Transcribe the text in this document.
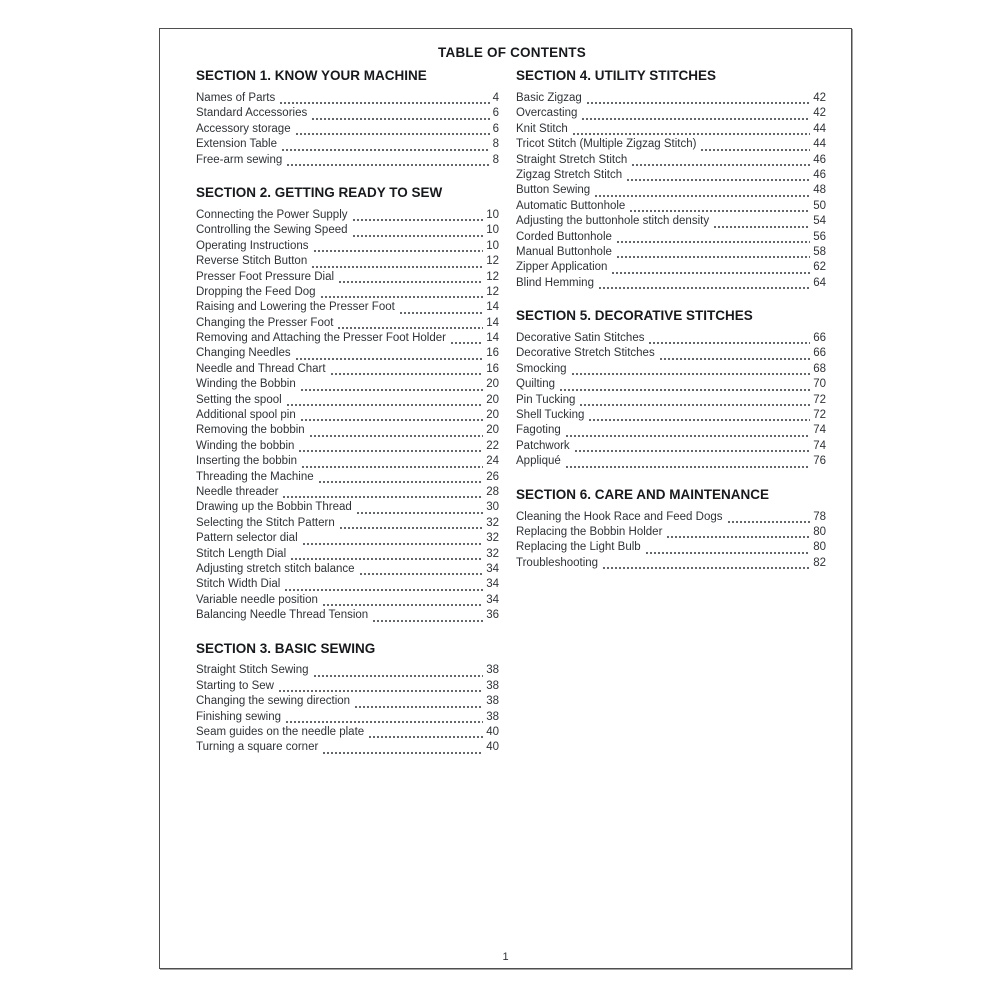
TABLE OF CONTENTS
SECTION 1. KNOW YOUR MACHINE
Names of Parts	4
Standard Accessories	6
Accessory storage	6
Extension Table	8
Free-arm sewing	8
SECTION 2. GETTING READY TO SEW
Connecting the Power Supply	10
Controlling the Sewing Speed	10
Operating Instructions	10
Reverse Stitch Button	12
Presser Foot Pressure Dial	12
Dropping the Feed Dog	12
Raising and Lowering the Presser Foot	14
Changing the Presser Foot	14
Removing and Attaching the Presser Foot Holder	14
Changing Needles	16
Needle and Thread Chart	16
Winding the Bobbin	20
Setting the spool	20
Additional spool pin	20
Removing the bobbin	20
Winding the bobbin	22
Inserting the bobbin	24
Threading the Machine	26
Needle threader	28
Drawing up the Bobbin Thread	30
Selecting the Stitch Pattern	32
Pattern selector dial	32
Stitch Length Dial	32
Adjusting stretch stitch balance	34
Stitch Width Dial	34
Variable needle position	34
Balancing Needle Thread Tension	36
SECTION 3. BASIC SEWING
Straight Stitch Sewing	38
Starting to Sew	38
Changing the sewing direction	38
Finishing sewing	38
Seam guides on the needle plate	40
Turning a square corner	40
SECTION 4. UTILITY STITCHES
Basic Zigzag	42
Overcasting	42
Knit Stitch	44
Tricot Stitch (Multiple Zigzag Stitch)	44
Straight Stretch Stitch	46
Zigzag Stretch Stitch	46
Button Sewing	48
Automatic Buttonhole	50
Adjusting the buttonhole stitch density	54
Corded Buttonhole	56
Manual Buttonhole	58
Zipper Application	62
Blind Hemming	64
SECTION 5. DECORATIVE STITCHES
Decorative Satin Stitches	66
Decorative Stretch Stitches	66
Smocking	68
Quilting	70
Pin Tucking	72
Shell Tucking	72
Fagoting	74
Patchwork	74
Appliqué	76
SECTION 6. CARE AND MAINTENANCE
Cleaning the Hook Race and Feed Dogs	78
Replacing the Bobbin Holder	80
Replacing the Light Bulb	80
Troubleshooting	82
1
